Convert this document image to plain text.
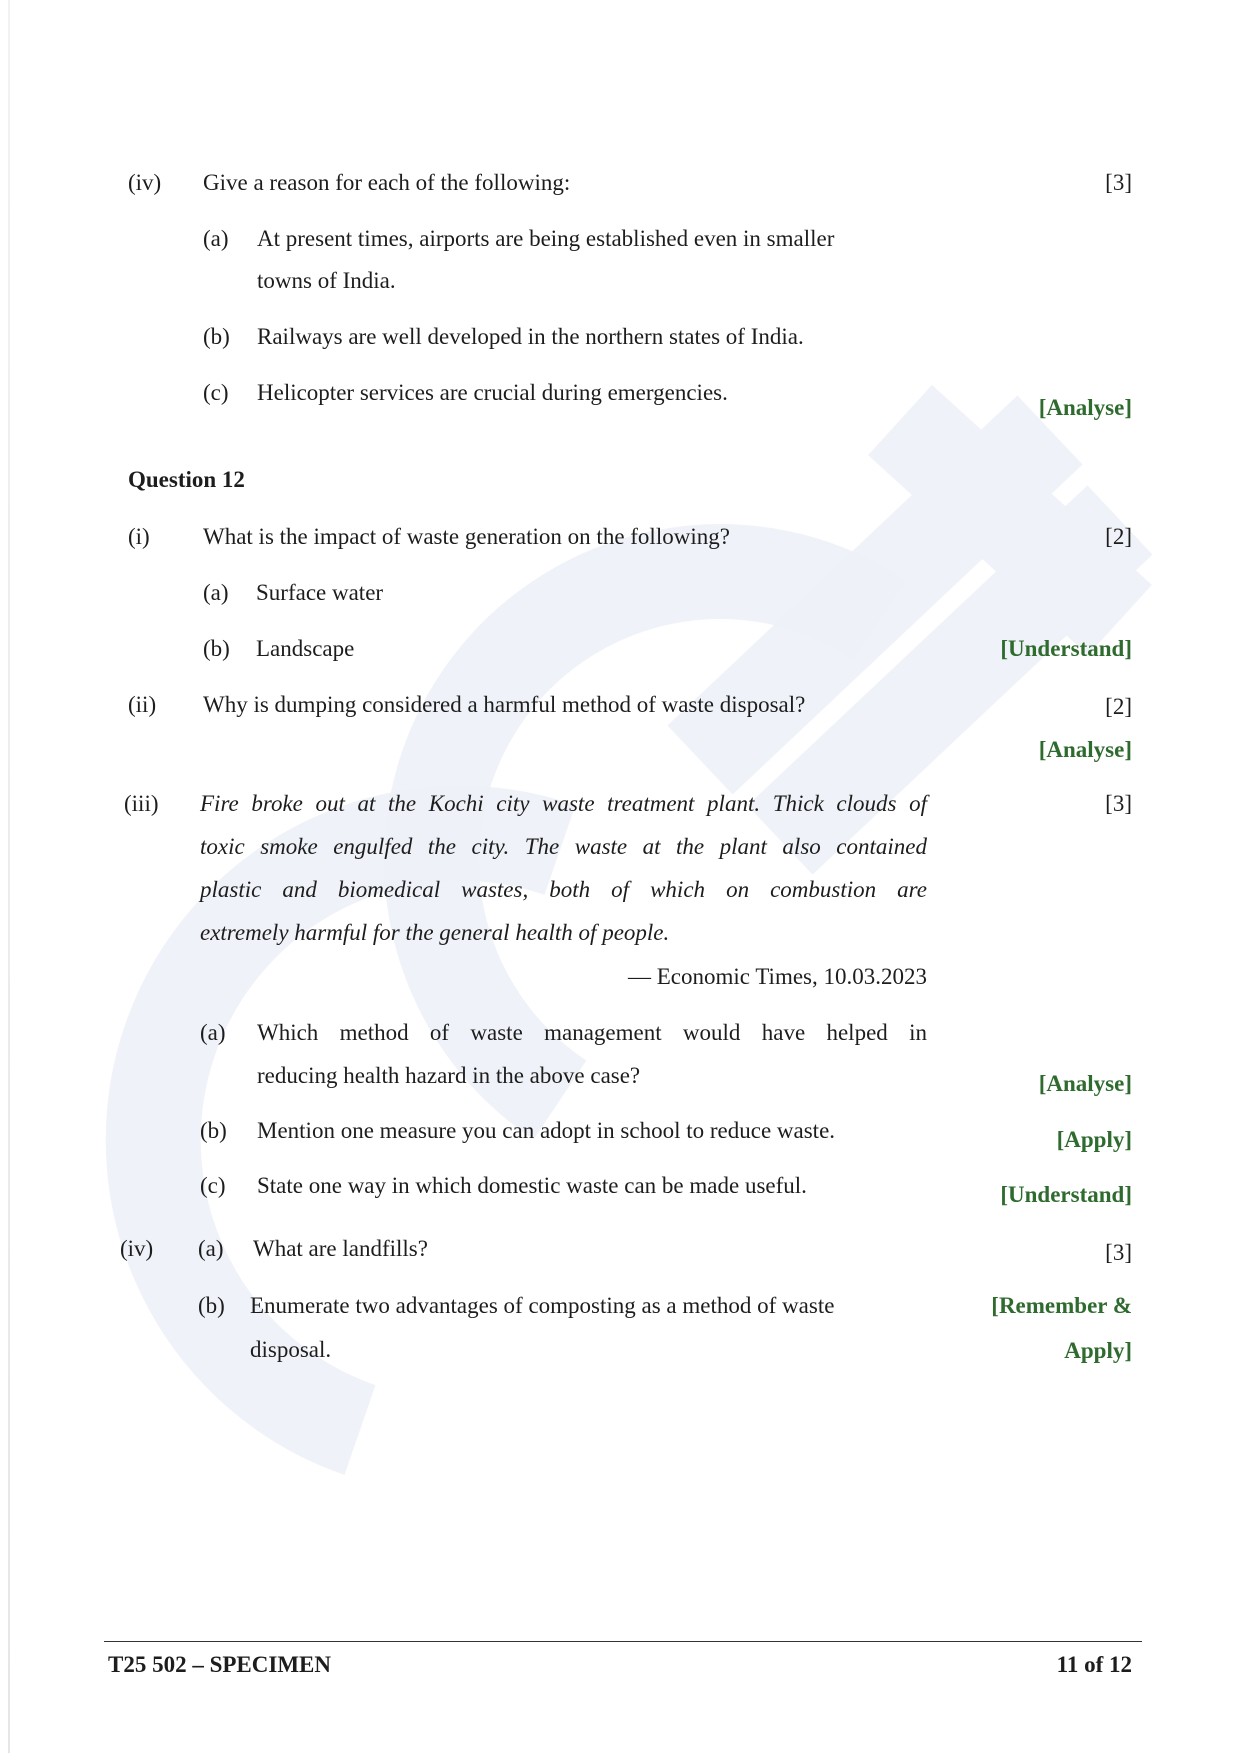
(iv) Give a reason for each of the following:	[3]
(a) At present times, airports are being established even in smaller
towns of India.
(b) Railways are well developed in the northern states of India.
(c) Helicopter services are crucial during emergencies.
[Analyse]
Question 12
(i) What is the impact of waste generation on the following?	[2]
(a) Surface water
(b) Landscape	[Understand]
(ii) Why is dumping considered a harmful method of waste disposal?	[2]
[Analyse]
(iii)	[3]
Fire broke out at the Kochi city waste treatment plant. Thick clouds of
toxic smoke engulfed the city. The waste at the plant also contained
plastic and biomedical wastes, both of which on combustion are
extremely harmful for the general health of people.
— Economic Times, 10.03.2023
(a) Which method of waste management would have helped in
reducing health hazard in the above case?	[Analyse]
(b) Mention one measure you can adopt in school to reduce waste.	[Apply]
(c) State one way in which domestic waste can be made useful.	[Understand]
(iv) (a) What are landfills?	[3]
(b) Enumerate two advantages of composting as a method of waste
disposal.
[Remember &
Apply]
T25 502 – SPECIMEN	11 of 12
